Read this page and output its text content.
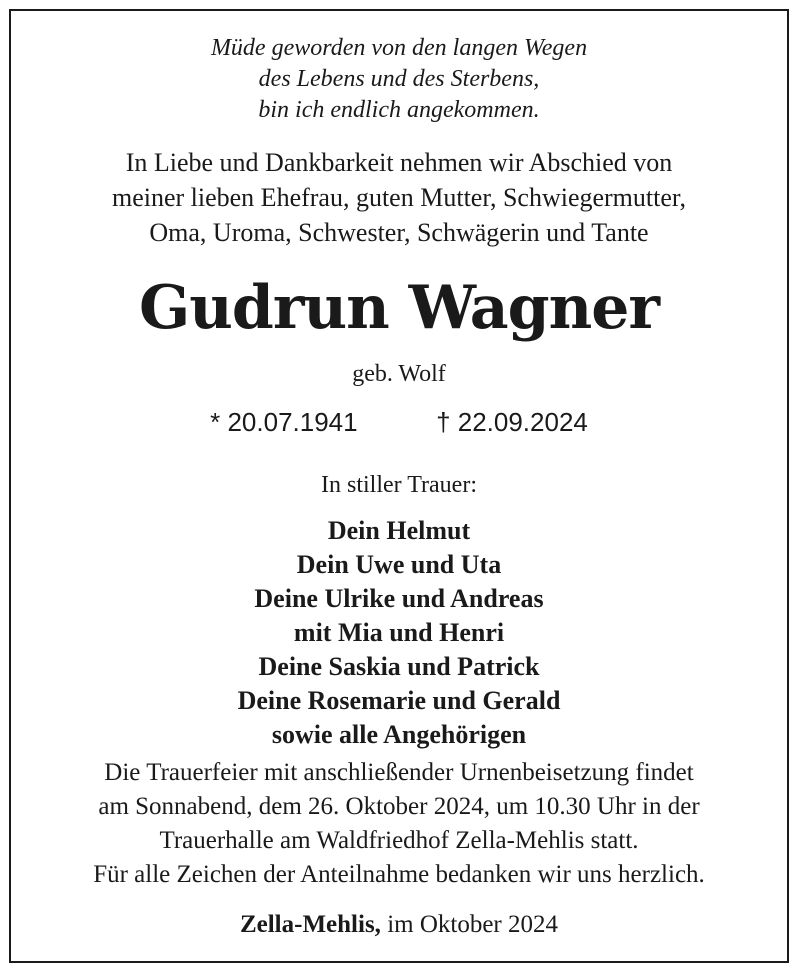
Müde geworden von den langen Wegen
des Lebens und des Sterbens,
bin ich endlich angekommen.
In Liebe und Dankbarkeit nehmen wir Abschied von
meiner lieben Ehefrau, guten Mutter, Schwiegermutter,
Oma, Uroma, Schwester, Schwägerin und Tante
Gudrun Wagner
geb. Wolf
* 20.07.1941	† 22.09.2024
In stiller Trauer:
Dein Helmut
Dein Uwe und Uta
Deine Ulrike und Andreas
mit Mia und Henri
Deine Saskia und Patrick
Deine Rosemarie und Gerald
sowie alle Angehörigen
Die Trauerfeier mit anschließender Urnenbeisetzung findet
am Sonnabend, dem 26. Oktober 2024, um 10.30 Uhr in der
Trauerhalle am Waldfriedhof Zella-Mehlis statt.
Für alle Zeichen der Anteilnahme bedanken wir uns herzlich.
Zella-Mehlis, im Oktober 2024
